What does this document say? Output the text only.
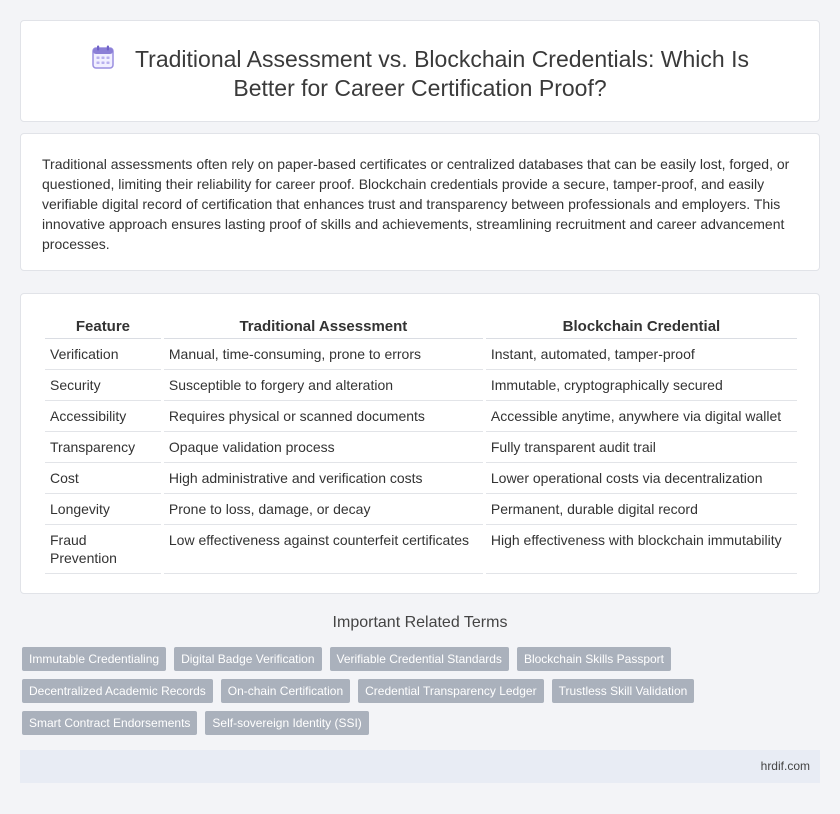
Traditional Assessment vs. Blockchain Credentials: Which Is
Better for Career Certification Proof?

Traditional assessments often rely on paper-based certificates or centralized databases that can be easily lost, forged, or questioned, limiting their reliability for career proof. Blockchain credentials provide a secure, tamper-proof, and easily verifiable digital record of certification that enhances trust and transparency between professionals and employers. This innovative approach ensures lasting proof of skills and achievements, streamlining recruitment and career advancement processes.

Feature	Traditional Assessment	Blockchain Credential
Verification	Manual, time-consuming, prone to errors	Instant, automated, tamper-proof
Security	Susceptible to forgery and alteration	Immutable, cryptographically secured
Accessibility	Requires physical or scanned documents	Accessible anytime, anywhere via digital wallet
Transparency	Opaque validation process	Fully transparent audit trail
Cost	High administrative and verification costs	Lower operational costs via decentralization
Longevity	Prone to loss, damage, or decay	Permanent, durable digital record
Fraud Prevention	Low effectiveness against counterfeit certificates	High effectiveness with blockchain immutability
Important Related Terms
Immutable Credentialing	Digital Badge Verification	Verifiable Credential Standards	Blockchain Skills Passport
Decentralized Academic Records	On-chain Certification	Credential Transparency Ledger	Trustless Skill Validation
Smart Contract Endorsements	Self-sovereign Identity (SSI)
hrdif.com
